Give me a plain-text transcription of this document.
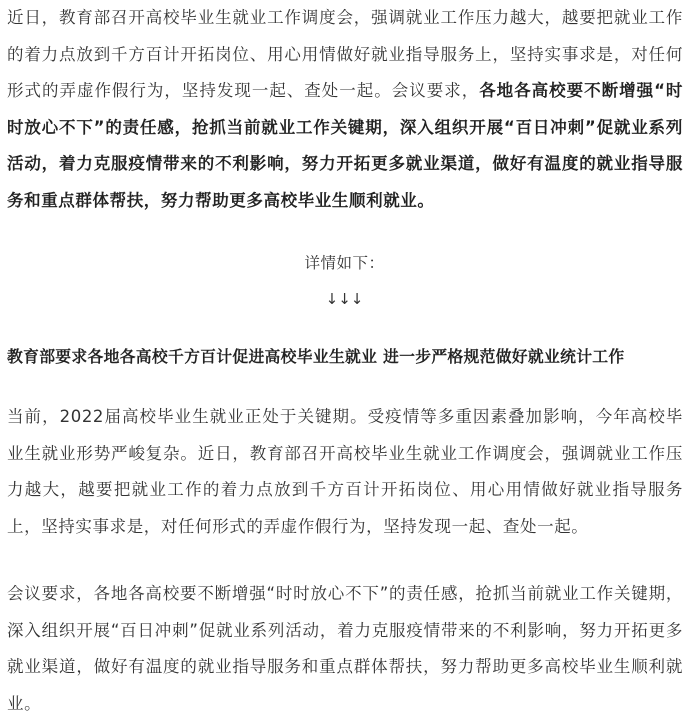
近日，教育部召开高校毕业生就业工作调度会，强调就业工作压力越大，越要把就业工作的着力点放到千方百计开拓岗位、用心用情做好就业指导服务上，坚持实事求是，对任何形式的弄虚作假行为，坚持发现一起、查处一起。会议要求，各地各高校要不断增强“时时放心不下”的责任感，抢抓当前就业工作关键期，深入组织开展“百日冲刺”促就业系列活动，着力克服疫情带来的不利影响，努力开拓更多就业渠道，做好有温度的就业指导服务和重点群体帮扶，努力帮助更多高校毕业生顺利就业。

详情如下：
↓↓↓
教育部要求各地各高校千方百计促进高校毕业生就业 进一步严格规范做好就业统计工作

当前，2022届高校毕业生就业正处于关键期。受疫情等多重因素叠加影响，今年高校毕业生就业形势严峻复杂。近日，教育部召开高校毕业生就业工作调度会，强调就业工作压力越大，越要把就业工作的着力点放到千方百计开拓岗位、用心用情做好就业指导服务上，坚持实事求是，对任何形式的弄虚作假行为，坚持发现一起、查处一起。

会议要求，各地各高校要不断增强“时时放心不下”的责任感，抢抓当前就业工作关键期，深入组织开展“百日冲刺”促就业系列活动，着力克服疫情带来的不利影响，努力开拓更多就业渠道，做好有温度的就业指导服务和重点群体帮扶，努力帮助更多高校毕业生顺利就业。
